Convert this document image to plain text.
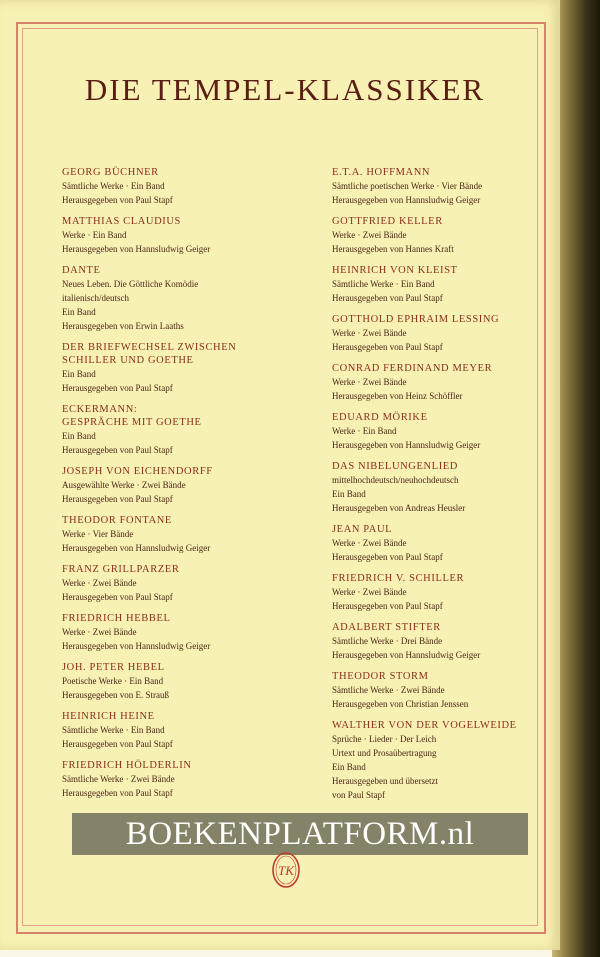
DIE TEMPEL-KLASSIKER
GEORG BÜCHNER
Sämtliche Werke · Ein Band
Herausgegeben von Paul Stapf
MATTHIAS CLAUDIUS
Werke · Ein Band
Herausgegeben von Hannsludwig Geiger
DANTE
Neues Leben. Die Göttliche Komödie
italienisch/deutsch
Ein Band
Herausgegeben von Erwin Laaths
DER BRIEFWECHSEL ZWISCHEN
SCHILLER UND GOETHE
Ein Band
Herausgegeben von Paul Stapf
ECKERMANN:
GESPRÄCHE MIT GOETHE
Ein Band
Herausgegeben von Paul Stapf
JOSEPH VON EICHENDORFF
Ausgewählte Werke · Zwei Bände
Herausgegeben von Paul Stapf
THEODOR FONTANE
Werke · Vier Bände
Herausgegeben von Hannsludwig Geiger
FRANZ GRILLPARZER
Werke · Zwei Bände
Herausgegeben von Paul Stapf
FRIEDRICH HEBBEL
Werke · Zwei Bände
Herausgegeben von Hannsludwig Geiger
JOH. PETER HEBEL
Poetische Werke · Ein Band
Herausgegeben von E. Strauß
HEINRICH HEINE
Sämtliche Werke · Ein Band
Herausgegeben von Paul Stapf
FRIEDRICH HÖLDERLIN
Sämtliche Werke · Zwei Bände
Herausgegeben von Paul Stapf
E.T.A. HOFFMANN
Sämtliche poetischen Werke · Vier Bände
Herausgegeben von Hannsludwig Geiger
GOTTFRIED KELLER
Werke · Zwei Bände
Herausgegeben von Hannes Kraft
HEINRICH VON KLEIST
Sämtliche Werke · Ein Band
Herausgegeben von Paul Stapf
GOTTHOLD EPHRAIM LESSING
Werke · Zwei Bände
Herausgegeben von Paul Stapf
CONRAD FERDINAND MEYER
Werke · Zwei Bände
Herausgegeben von Heinz Schöffler
EDUARD MÖRIKE
Werke · Ein Band
Herausgegeben von Hannsludwig Geiger
DAS NIBELUNGENLIED
mittelhochdeutsch/neuhochdeutsch
Ein Band
Herausgegeben von Andreas Heusler
JEAN PAUL
Werke · Zwei Bände
Herausgegeben von Paul Stapf
FRIEDRICH V. SCHILLER
Werke · Zwei Bände
Herausgegeben von Paul Stapf
ADALBERT STIFTER
Sämtliche Werke · Drei Bände
Herausgegeben von Hannsludwig Geiger
THEODOR STORM
Sämtliche Werke · Zwei Bände
Herausgegeben von Christian Jenssen
WALTHER VON DER VOGELWEIDE
Sprüche · Lieder · Der Leich
Urtext und Prosaübertragung
Ein Band
Herausgegeben und übersetzt
von Paul Stapf
BOEKENPLATFORM.nl
TK
